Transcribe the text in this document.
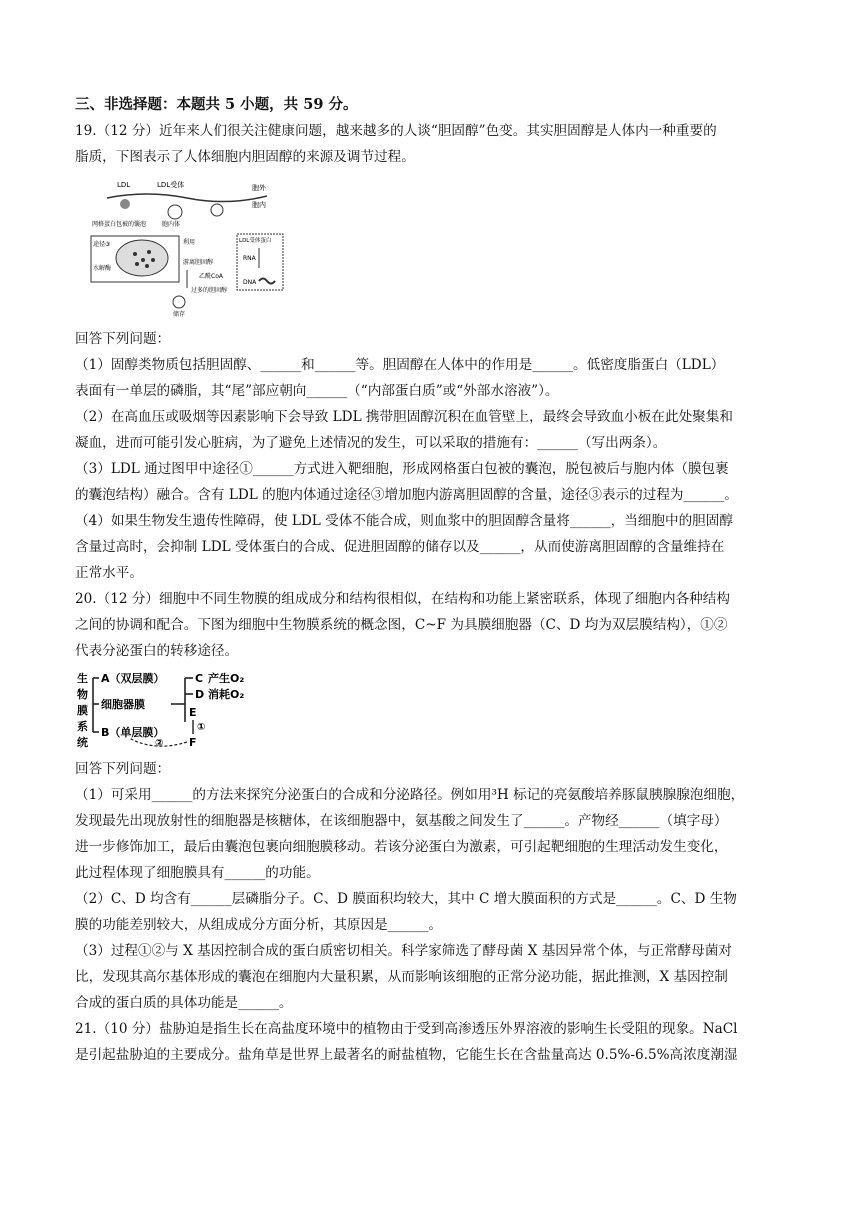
三、非选择题：本题共 5 小题，共 59 分。

19.（12 分）近年来人们很关注健康问题，越来越多的人谈“胆固醇”色变。其实胆固醇是人体内一种重要的

脂质，下图表示了人体细胞内胆固醇的来源及调节过程。

LDL	LDL受体	胞外
胞内
胞内体
网格蛋白包被的囊泡
途径③
水解酶
利用
游离胆固醇
乙酰CoA
过多的胆固醇
储存
LDL受体蛋白
RNA
DNA

回答下列问题：

（1）固醇类物质包括胆固醇、______和______等。胆固醇在人体中的作用是______。低密度脂蛋白（LDL）

表面有一单层的磷脂，其“尾”部应朝向______（“内部蛋白质”或“外部水溶液”）。

（2）在高血压或吸烟等因素影响下会导致 LDL 携带胆固醇沉积在血管壁上，最终会导致血小板在此处聚集和

凝血，进而可能引发心脏病，为了避免上述情况的发生，可以采取的措施有：______（写出两条）。

（3）LDL 通过图甲中途径①______方式进入靶细胞，形成网格蛋白包被的囊泡，脱包被后与胞内体（膜包裹

的囊泡结构）融合。含有 LDL 的胞内体通过途径③增加胞内游离胆固醇的含量，途径③表示的过程为______。

（4）如果生物发生遗传性障碍，使 LDL 受体不能合成，则血浆中的胆固醇含量将______，当细胞中的胆固醇

含量过高时，会抑制 LDL 受体蛋白的合成、促进胆固醇的储存以及______，从而使游离胆固醇的含量维持在

正常水平。

20.（12 分）细胞中不同生物膜的组成成分和结构很相似，在结构和功能上紧密联系，体现了细胞内各种结构

之间的协调和配合。下图为细胞中生物膜系统的概念图，C~F 为具膜细胞器（C、D 均为双层膜结构），①②

代表分泌蛋白的转移途径。

生
物
膜
系
统
A（双层膜）
细胞器膜
B（单层膜）
C 产生O₂
D 消耗O₂
E
①
F
②

回答下列问题：

（1）可采用______的方法来探究分泌蛋白的合成和分泌路径。例如用³H 标记的亮氨酸培养豚鼠胰腺腺泡细胞，

发现最先出现放射性的细胞器是核糖体，在该细胞器中，氨基酸之间发生了______。产物经______（填字母）

进一步修饰加工，最后由囊泡包裹向细胞膜移动。若该分泌蛋白为激素，可引起靶细胞的生理活动发生变化，

此过程体现了细胞膜具有______的功能。

（2）C、D 均含有______层磷脂分子。C、D 膜面积均较大，其中 C 增大膜面积的方式是______。C、D 生物

膜的功能差别较大，从组成成分方面分析，其原因是______。

（3）过程①②与 X 基因控制合成的蛋白质密切相关。科学家筛选了酵母菌 X 基因异常个体，与正常酵母菌对

比，发现其高尔基体形成的囊泡在细胞内大量积累，从而影响该细胞的正常分泌功能，据此推测，X 基因控制

合成的蛋白质的具体功能是______。

21.（10 分）盐胁迫是指生长在高盐度环境中的植物由于受到高渗透压外界溶液的影响生长受阻的现象。NaCl

是引起盐胁迫的主要成分。盐角草是世界上最著名的耐盐植物，它能生长在含盐量高达 0.5%-6.5%高浓度潮湿
